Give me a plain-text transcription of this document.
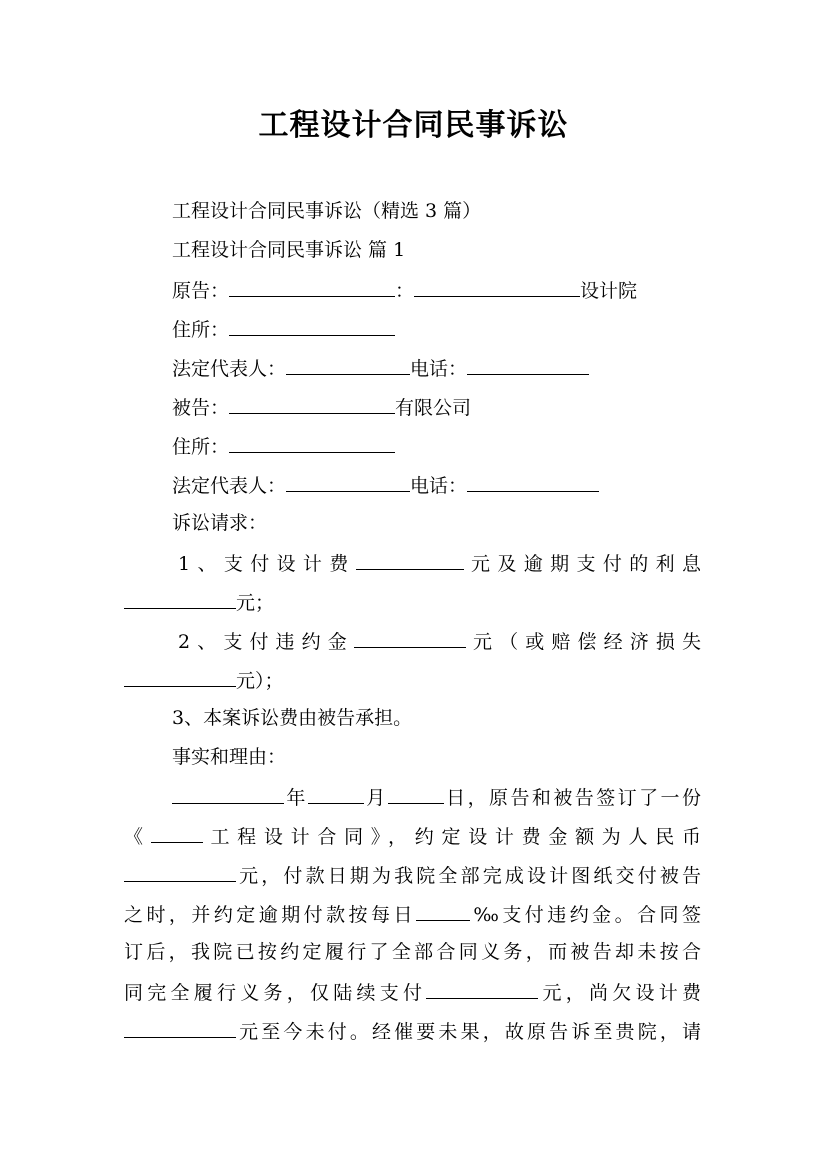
工程设计合同民事诉讼
工程设计合同民事诉讼（精选 3 篇）
工程设计合同民事诉讼 篇 1
原告：	：	设计院
住所：
法定代表人：	电话：
被告：	有限公司
住所：
法定代表人：	电话：
诉讼请求：
1、支付设计费	元及逾期支付的利息
元；
2、支付违约金	元（或赔偿经济损失
元）；
3、本案诉讼费由被告承担。
事实和理由：
年	月	日，原告和被告签订了一份
《	工程设计合同》，约定设计费金额为人民币
元，付款日期为我院全部完成设计图纸交付被告
之时，并约定逾期付款按每日	‰支付违约金。合同签
订后，我院已按约定履行了全部合同义务，而被告却未按合
同完全履行义务，仅陆续支付	元，尚欠设计费
元至今未付。经催要未果，故原告诉至贵院，请
